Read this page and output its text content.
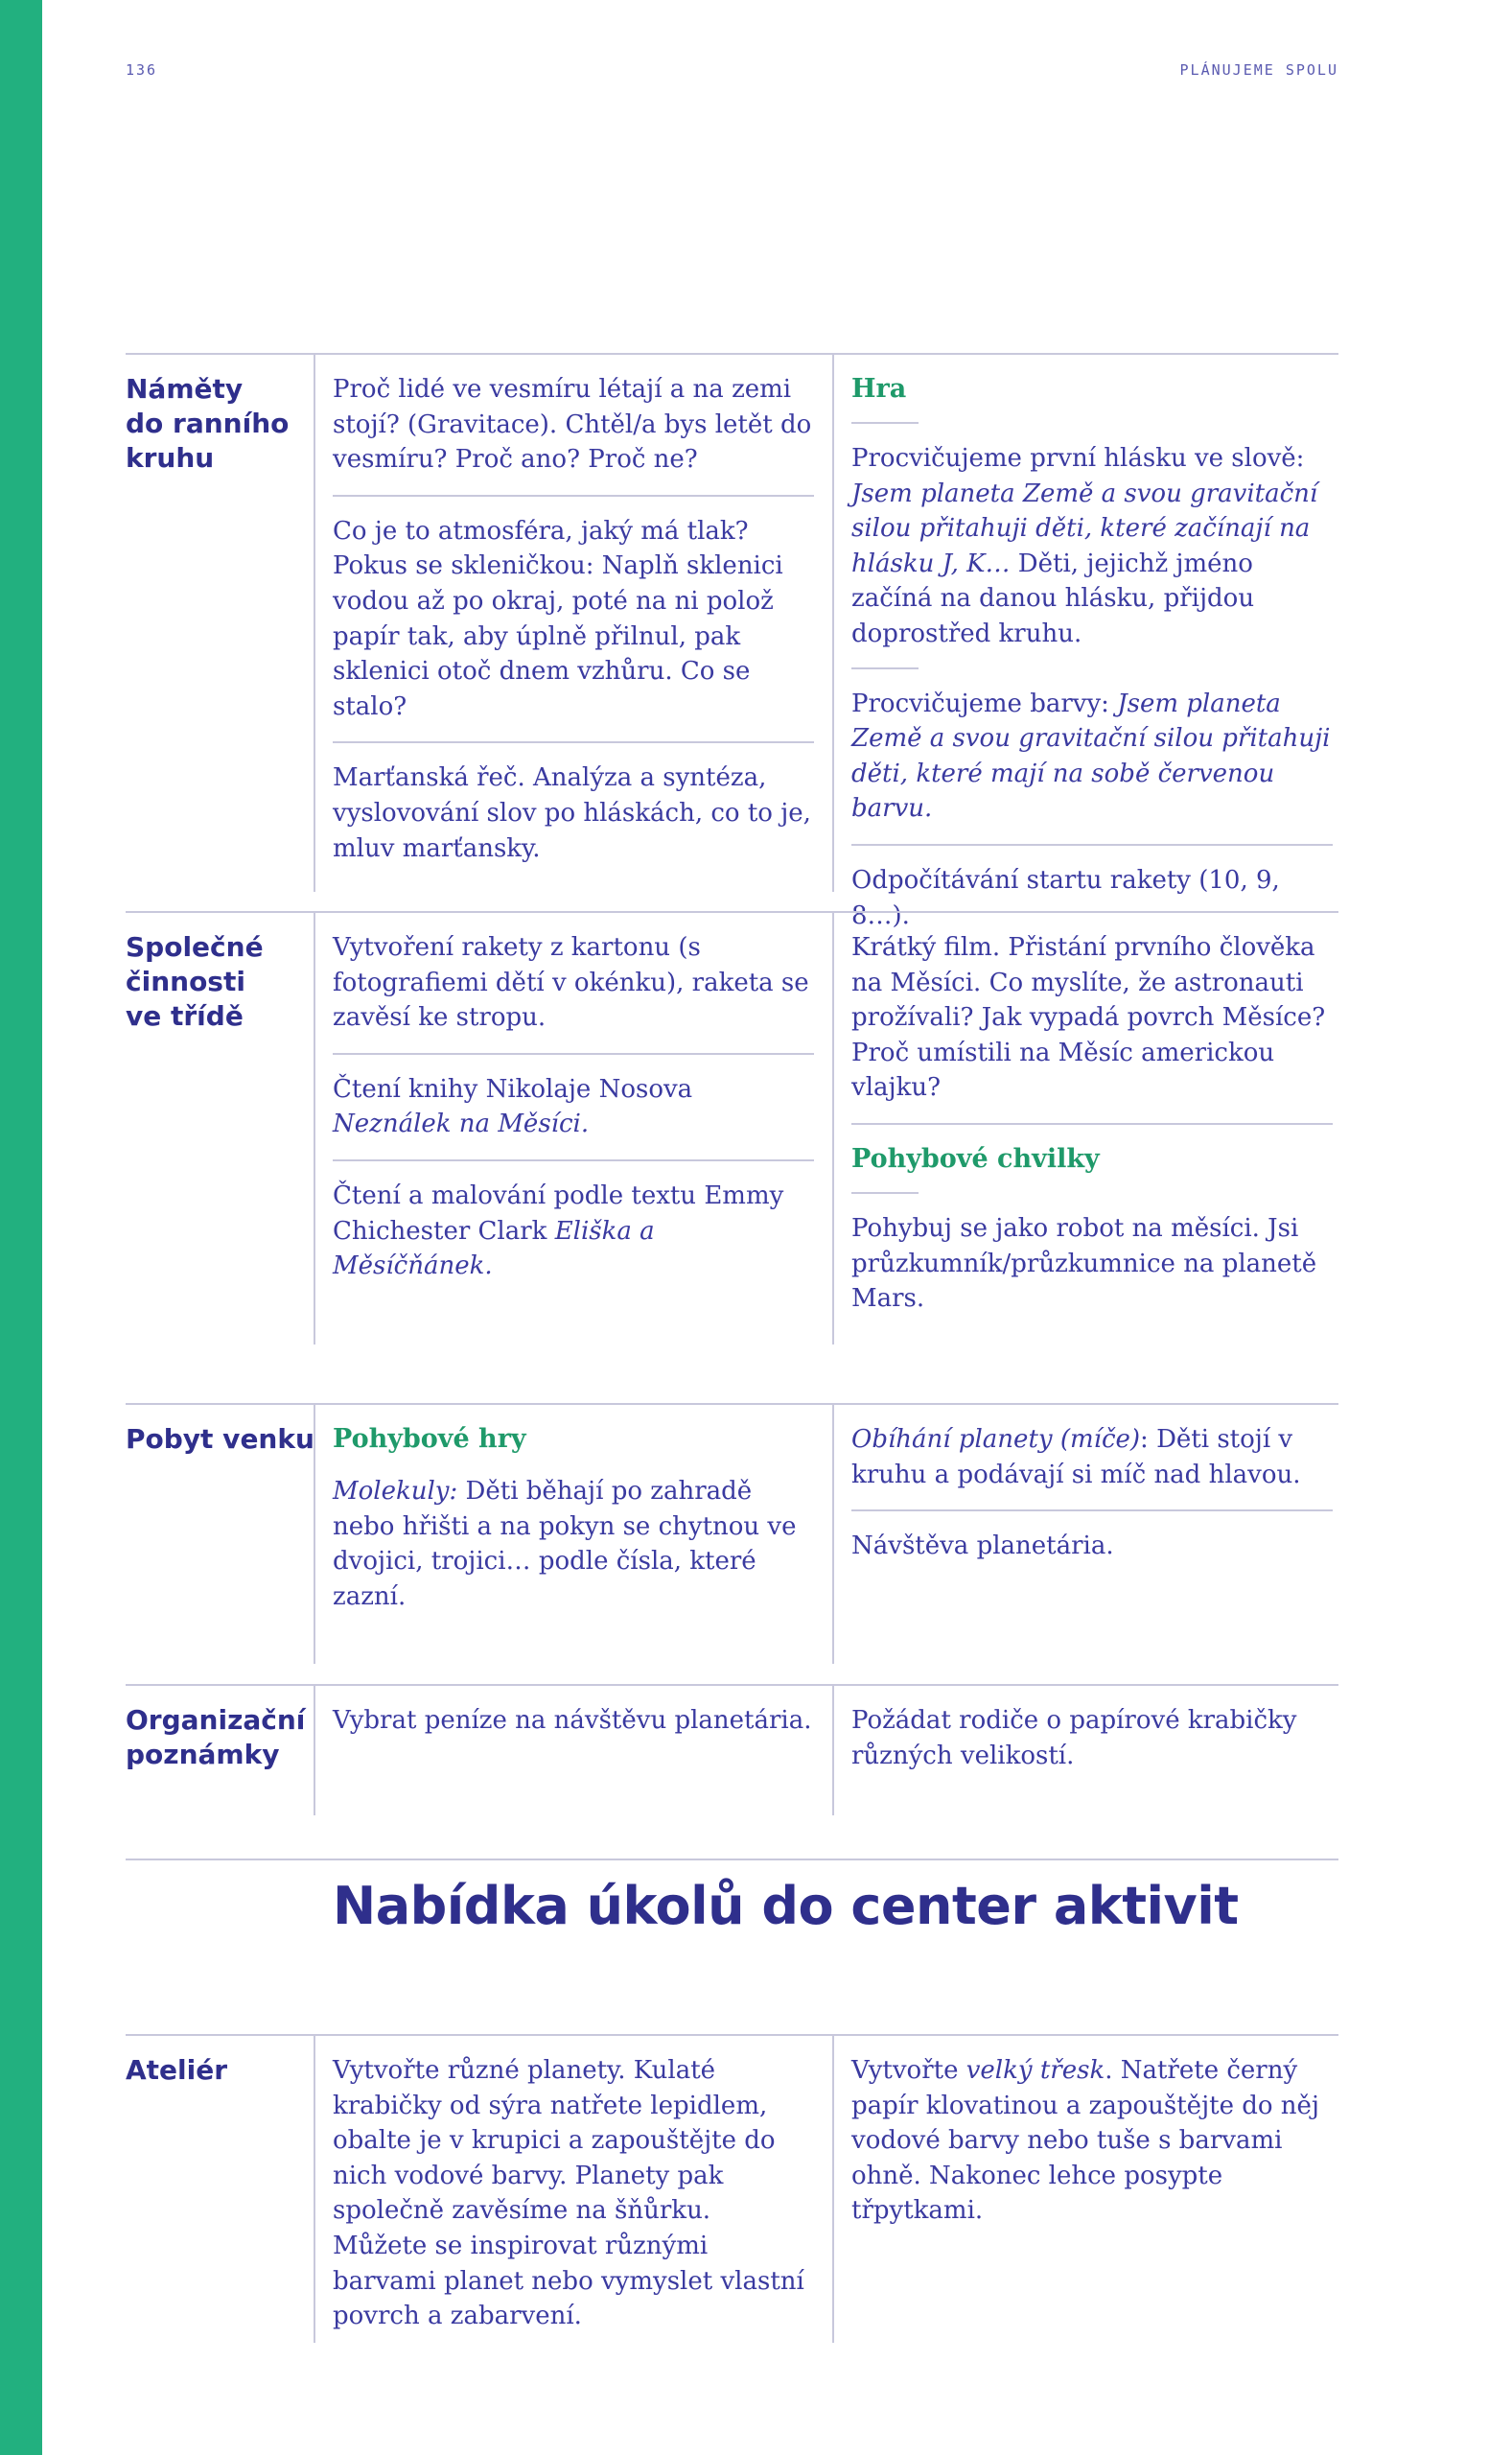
136	PLÁNUJEME SPOLU
Náměty
do ranního
kruhu

Proč lidé ve vesmíru létají a na zemi stojí? (Gravitace). Chtěl/a bys letět do vesmíru? Proč ano? Proč ne?

Co je to atmosféra, jaký má tlak? Pokus se skleničkou: Naplň sklenici vodou až po okraj, poté na ni polož papír tak, aby úplně přilnul, pak sklenici otoč dnem vzhůru. Co se stalo?

Marťanská řeč. Analýza a syntéza, vyslovování slov po hláskách, co to je, mluv marťansky.

Hra

Procvičujeme první hlásku ve slově: Jsem planeta Země a svou gravitační silou přitahuji děti, které začínají na hlásku J, K… Děti, jejichž jméno začíná na danou hlásku, přijdou doprostřed kruhu.

Procvičujeme barvy: Jsem planeta Země a svou gravitační silou přitahuji děti, které mají na sobě červenou barvu.

Odpočítávání startu rakety (10, 9, 8…).

Společné
činnosti
ve třídě

Vytvoření rakety z kartonu (s fotografiemi dětí v okénku), raketa se zavěsí ke stropu.

Čtení knihy Nikolaje Nosova Neználek na Měsíci.

Čtení a malování podle textu Emmy Chichester Clark Eliška a Měsíčňánek.

Krátký film. Přistání prvního člověka na Měsíci. Co myslíte, že astronauti prožívali? Jak vypadá povrch Měsíce? Proč umístili na Měsíc americkou vlajku?

Pohybové chvilky

Pohybuj se jako robot na měsíci. Jsi průzkumník/průzkumnice na planetě Mars.

Pobyt venku Pohybové hry

Molekuly: Děti běhají po zahradě nebo hřišti a na pokyn se chytnou ve dvojici, trojici… podle čísla, které zazní.

Obíhání planety (míče): Děti stojí v kruhu a podávají si míč nad hlavou.

Návštěva planetária.

Organizační
poznámky

Vybrat peníze na návštěvu planetária. Požádat rodiče o papírové krabičky různých velikostí.

Nabídka úkolů do center aktivit
Ateliér	Vytvořte různé planety. Kulaté krabičky od sýra natřete lepidlem, obalte je v krupici a zapouštějte do nich vodové barvy. Planety pak společně zavěsíme na šňůrku. Můžete se inspirovat různými barvami planet nebo vymyslet vlastní povrch a zabarvení.

Vytvořte velký třesk. Natřete černý papír klovatinou a zapouštějte do něj vodové barvy nebo tuše s barvami ohně. Nakonec lehce posypte třpytkami.
